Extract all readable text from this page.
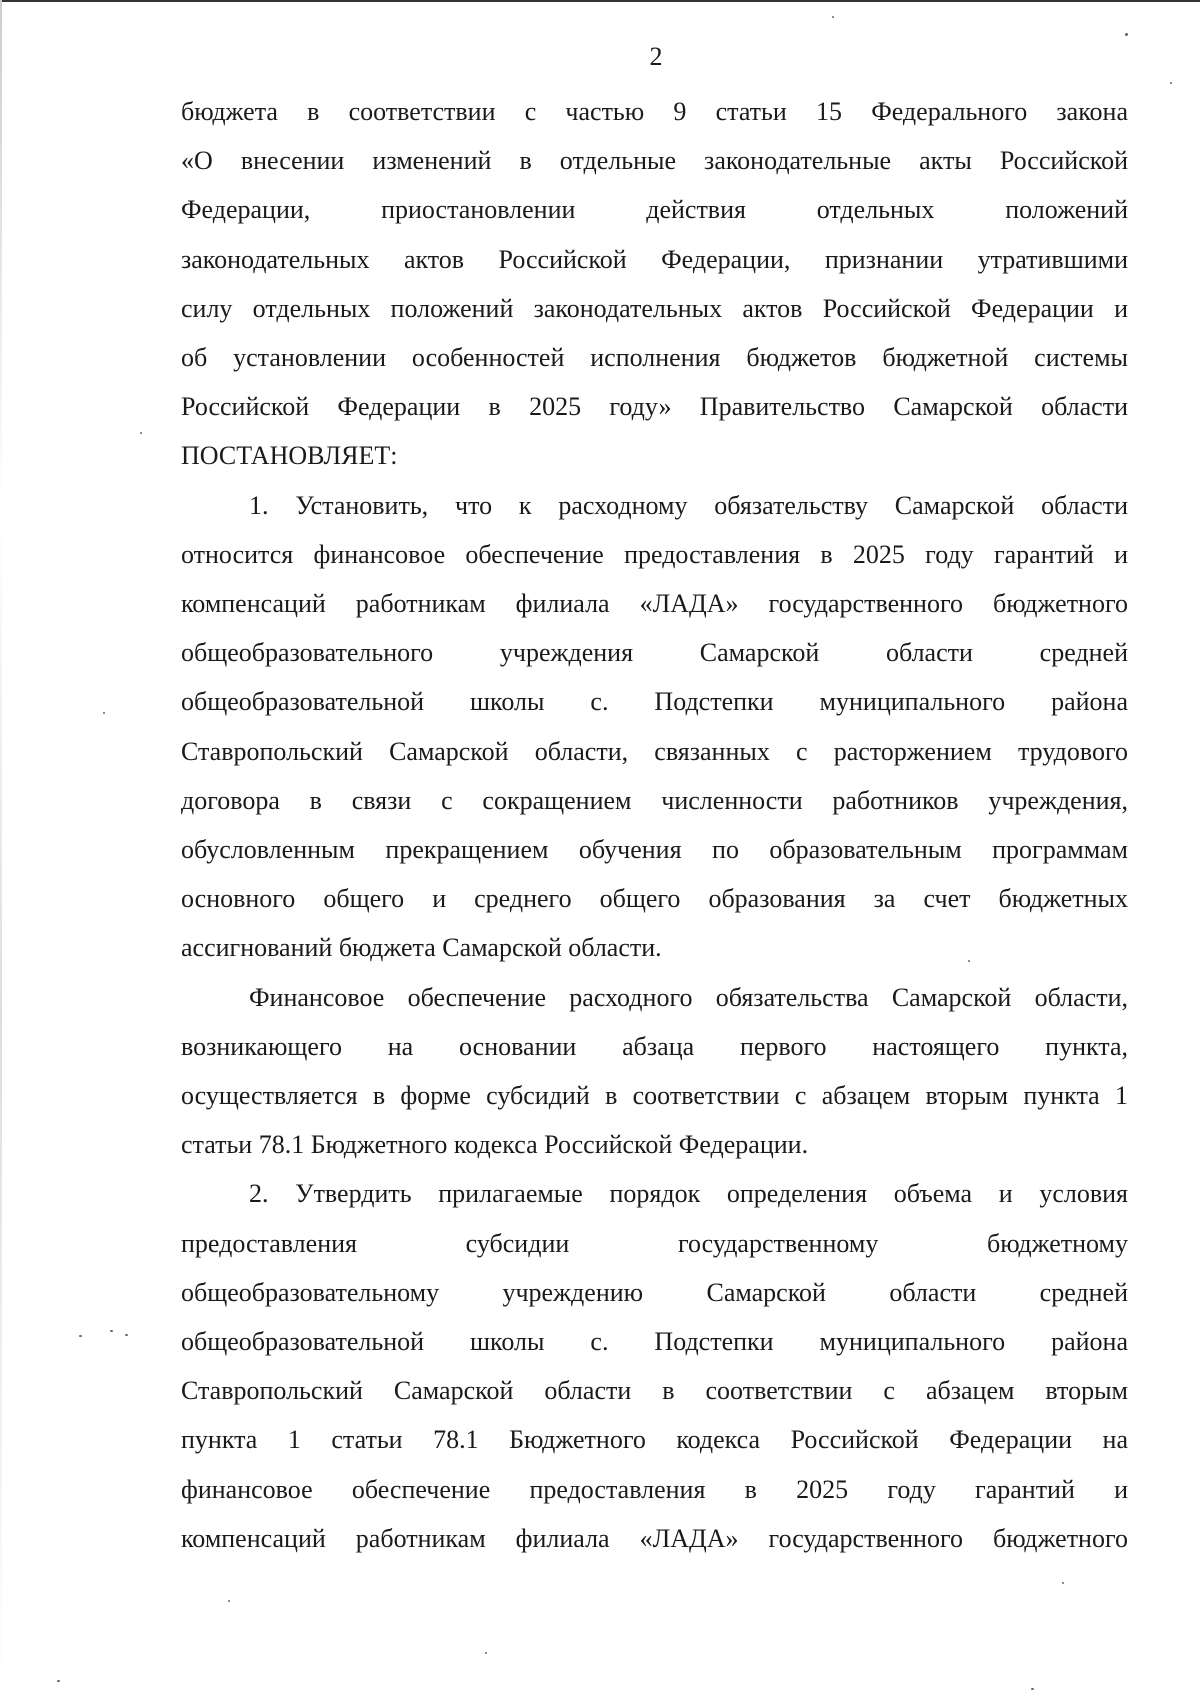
2
бюджета в соответствии с частью 9 статьи 15 Федерального закона
«О внесении изменений в отдельные законодательные акты Российской
Федерации, приостановлении действия отдельных положений
законодательных актов Российской Федерации, признании утратившими
силу отдельных положений законодательных актов Российской Федерации и
об установлении особенностей исполнения бюджетов бюджетной системы
Российской Федерации в 2025 году» Правительство Самарской области
ПОСТАНОВЛЯЕТ:
1. Установить, что к расходному обязательству Самарской области
относится финансовое обеспечение предоставления в 2025 году гарантий и
компенсаций работникам филиала «ЛАДА» государственного бюджетного
общеобразовательного учреждения Самарской области средней
общеобразовательной школы с. Подстепки муниципального района
Ставропольский Самарской области, связанных с расторжением трудового
договора в связи с сокращением численности работников учреждения,
обусловленным прекращением обучения по образовательным программам
основного общего и среднего общего образования за счет бюджетных
ассигнований бюджета Самарской области.
Финансовое обеспечение расходного обязательства Самарской области,
возникающего на основании абзаца первого настоящего пункта,
осуществляется в форме субсидий в соответствии с абзацем вторым пункта 1
статьи 78.1 Бюджетного кодекса Российской Федерации.
2. Утвердить прилагаемые порядок определения объема и условия
предоставления субсидии государственному бюджетному
общеобразовательному учреждению Самарской области средней
общеобразовательной школы с. Подстепки муниципального района
Ставропольский Самарской области в соответствии с абзацем вторым
пункта 1 статьи 78.1 Бюджетного кодекса Российской Федерации на
финансовое обеспечение предоставления в 2025 году гарантий и
компенсаций работникам филиала «ЛАДА» государственного бюджетного
